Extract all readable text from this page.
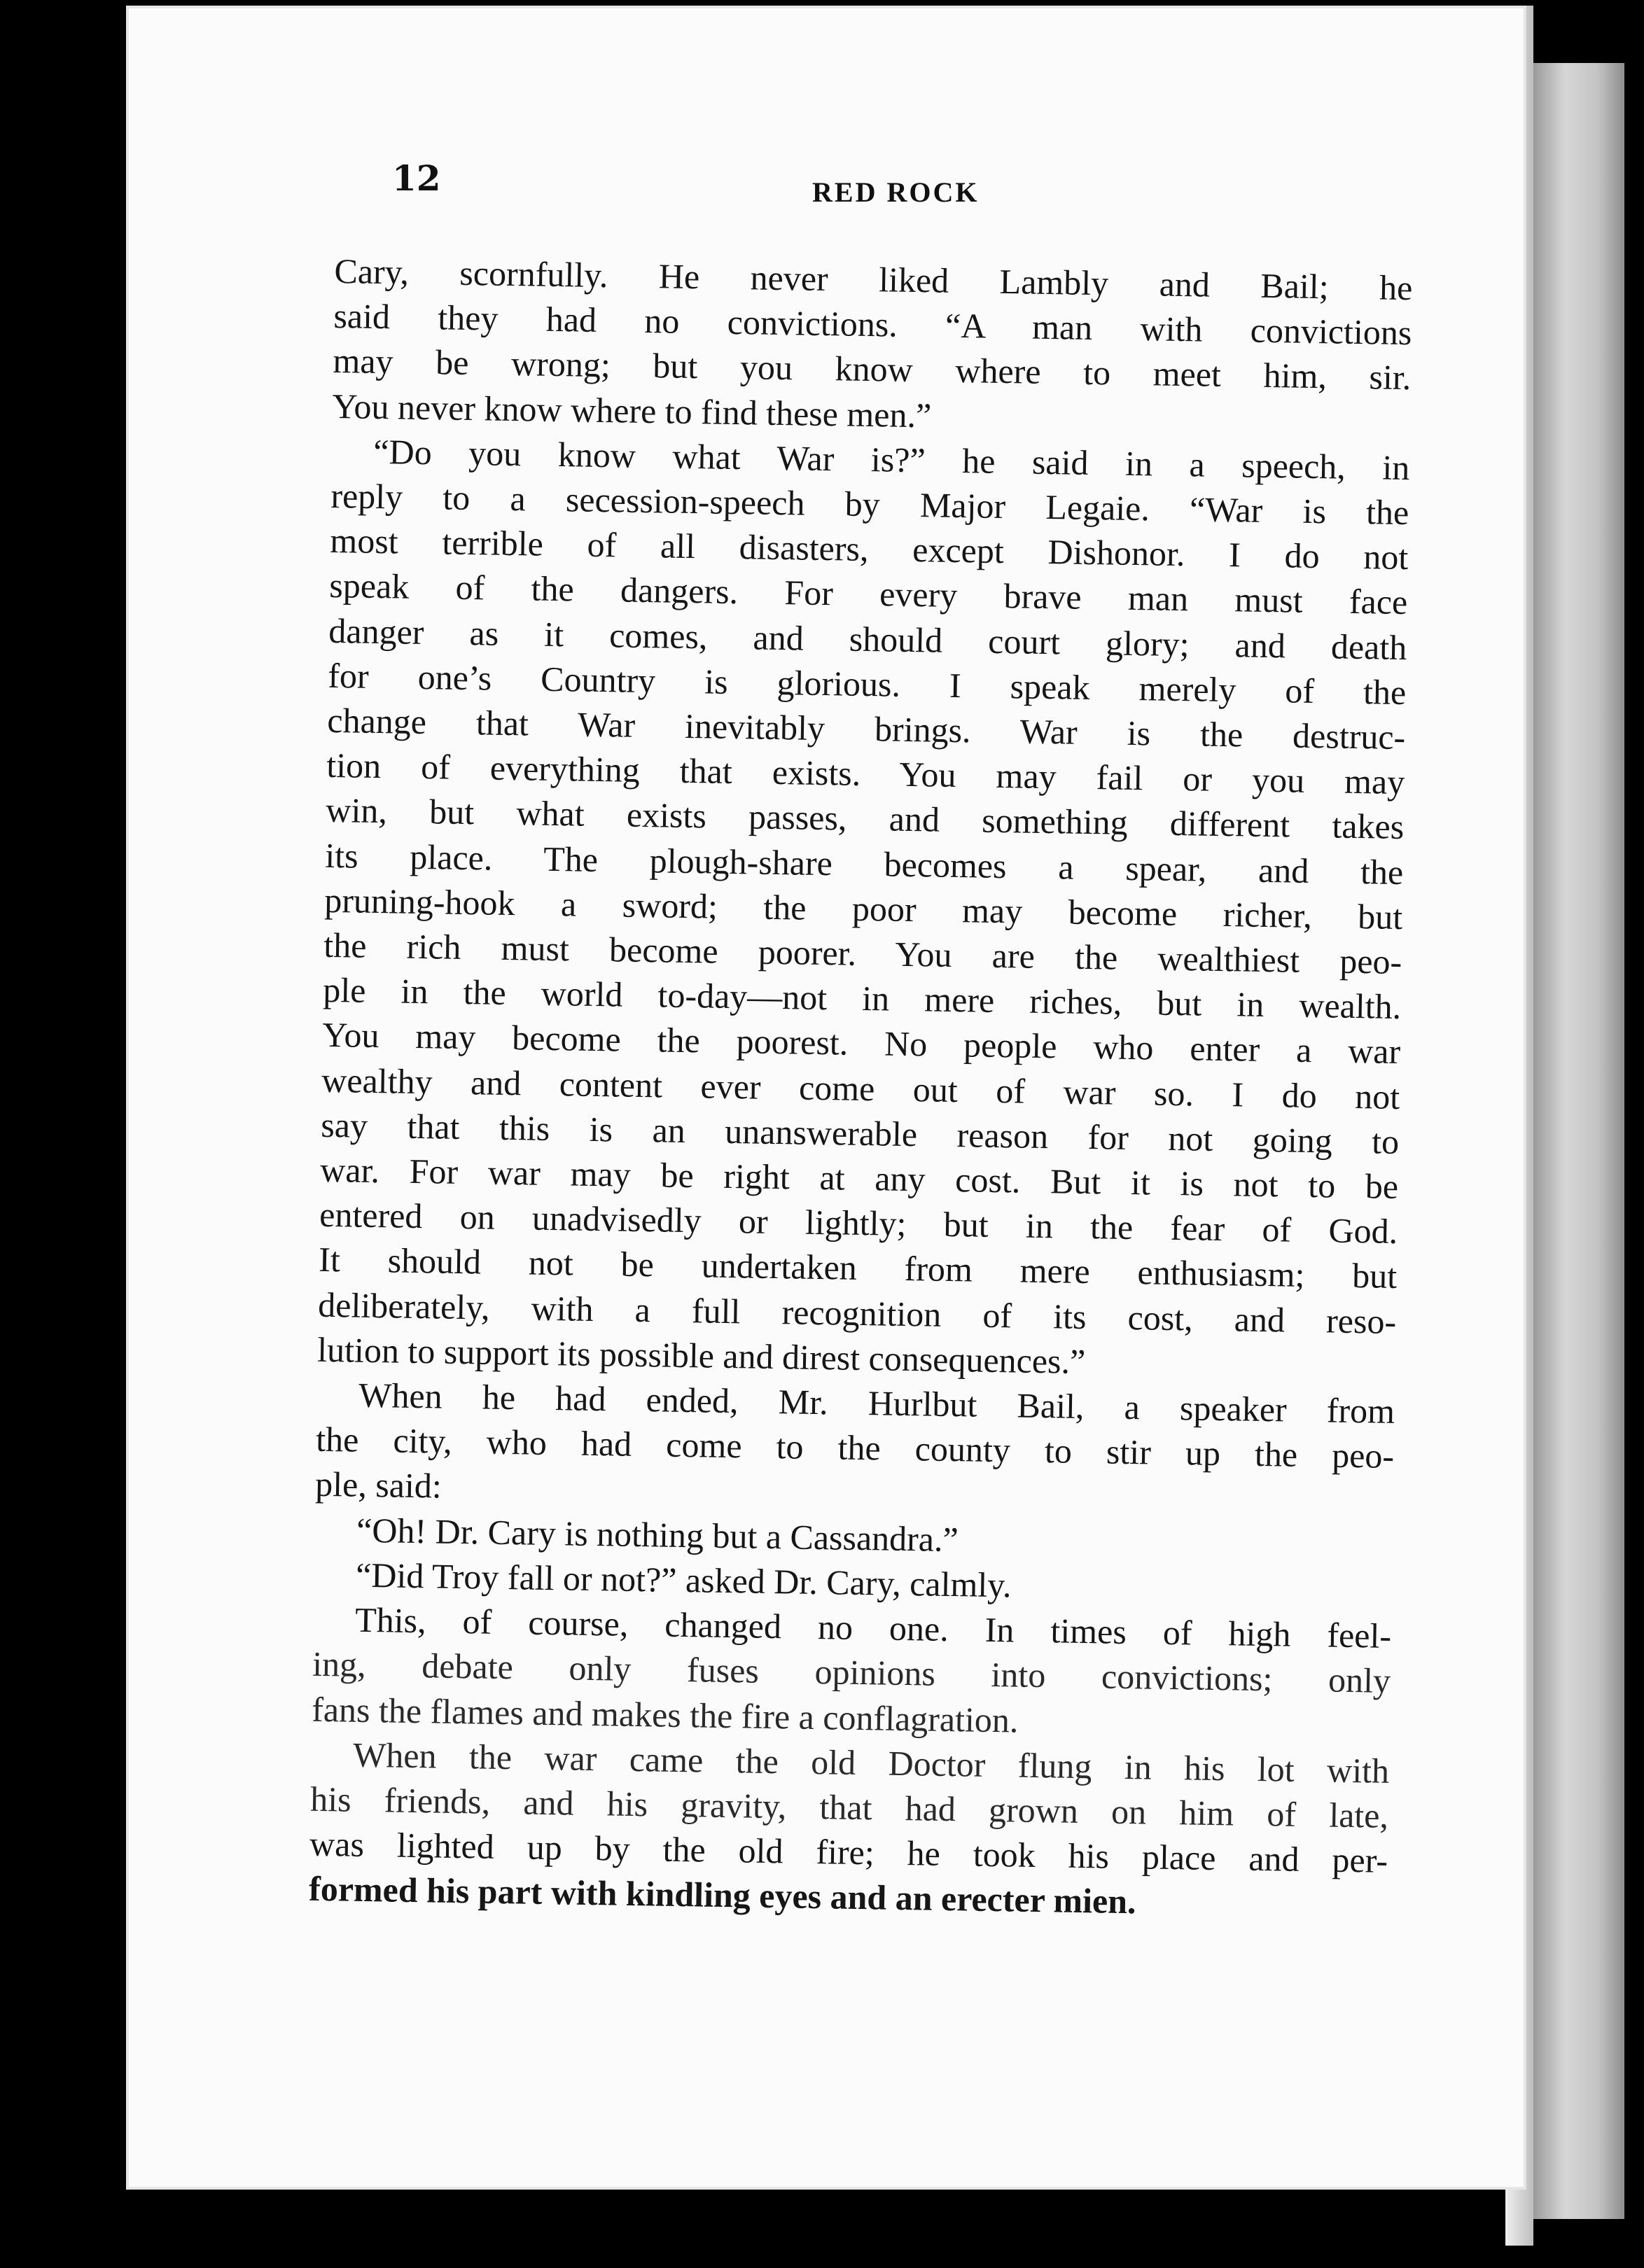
12	RED ROCK
Cary, scornfully. He never liked Lambly and Bail; he
said they had no convictions. “A man with convictions
may be wrong; but you know where to meet him, sir.
You never know where to find these men.”
“Do you know what War is?” he said in a speech, in
reply to a secession-speech by Major Legaie. “War is the
most terrible of all disasters, except Dishonor. I do not
speak of the dangers. For every brave man must face
danger as it comes, and should court glory; and death
for one’s Country is glorious. I speak merely of the
change that War inevitably brings. War is the destruc-
tion of everything that exists. You may fail or you may
win, but what exists passes, and something different takes
its place. The plough-share becomes a spear, and the
pruning-hook a sword; the poor may become richer, but
the rich must become poorer. You are the wealthiest peo-
ple in the world to-day—not in mere riches, but in wealth.
You may become the poorest. No people who enter a war
wealthy and content ever come out of war so. I do not
say that this is an unanswerable reason for not going to
war. For war may be right at any cost. But it is not to be
entered on unadvisedly or lightly; but in the fear of God.
It should not be undertaken from mere enthusiasm; but
deliberately, with a full recognition of its cost, and reso-
lution to support its possible and direst consequences.”
When he had ended, Mr. Hurlbut Bail, a speaker from
the city, who had come to the county to stir up the peo-
ple, said:
“Oh! Dr. Cary is nothing but a Cassandra.”
“Did Troy fall or not?” asked Dr. Cary, calmly.
This, of course, changed no one. In times of high feel-
ing, debate only fuses opinions into convictions; only
fans the flames and makes the fire a conflagration.
When the war came the old Doctor flung in his lot with
his friends, and his gravity, that had grown on him of late,
was lighted up by the old fire; he took his place and per-
formed his part with kindling eyes and an erecter mien.
